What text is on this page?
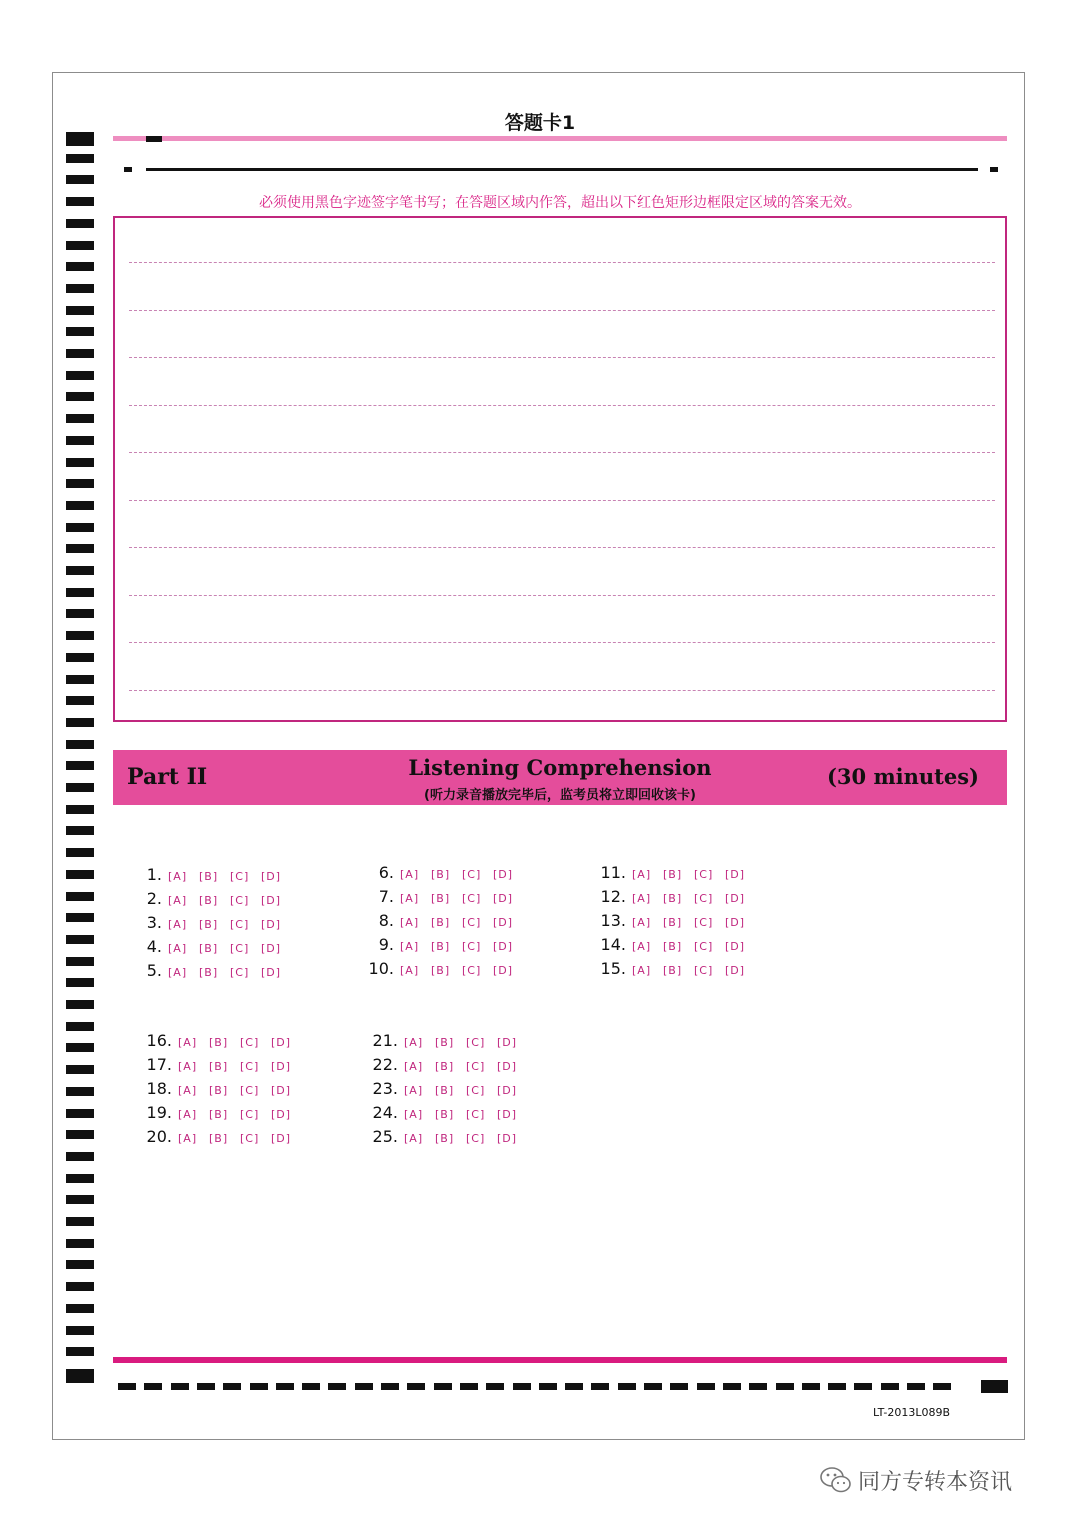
答题卡1
必须使用黑色字迹签字笔书写；在答题区域内作答，超出以下红色矩形边框限定区域的答案无效。
Part II	Listening Comprehension
(听力录音播放完毕后，监考员将立即回收该卡)
(30 minutes)
1. [A] [B] [C] [D]
2. [A] [B] [C] [D]
3. [A] [B] [C] [D]
4. [A] [B] [C] [D]
5. [A] [B] [C] [D]
6. [A] [B] [C] [D]
7. [A] [B] [C] [D]
8. [A] [B] [C] [D]
9. [A] [B] [C] [D]
10. [A] [B] [C] [D]
11. [A] [B] [C] [D]
12. [A] [B] [C] [D]
13. [A] [B] [C] [D]
14. [A] [B] [C] [D]
15. [A] [B] [C] [D]
16. [A] [B] [C] [D]
17. [A] [B] [C] [D]
18. [A] [B] [C] [D]
19. [A] [B] [C] [D]
20. [A] [B] [C] [D]
21. [A] [B] [C] [D]
22. [A] [B] [C] [D]
23. [A] [B] [C] [D]
24. [A] [B] [C] [D]
25. [A] [B] [C] [D]
LT-2013L089B
同方专转本资讯
